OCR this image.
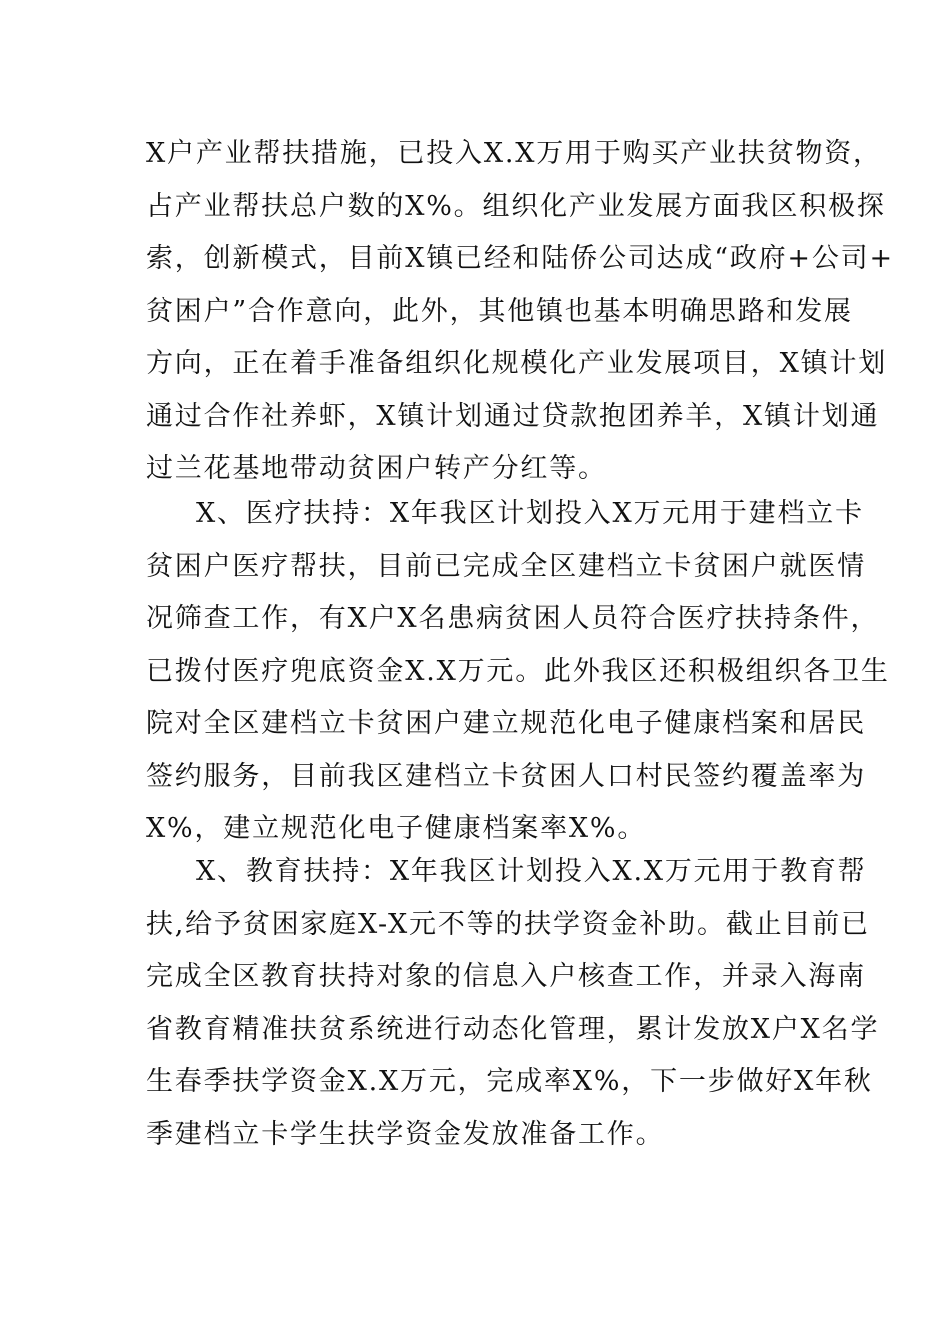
X户产业帮扶措施，已投入X.X万用于购买产业扶贫物资，
占产业帮扶总户数的X%。组织化产业发展方面我区积极探
索，创新模式，目前X镇已经和陆侨公司达成“政府+公司+
贫困户”合作意向，此外，其他镇也基本明确思路和发展
方向，正在着手准备组织化规模化产业发展项目，X镇计划
通过合作社养虾，X镇计划通过贷款抱团养羊，X镇计划通
过兰花基地带动贫困户转产分红等。

X、医疗扶持：X年我区计划投入X万元用于建档立卡
贫困户医疗帮扶，目前已完成全区建档立卡贫困户就医情
况筛查工作，有X户X名患病贫困人员符合医疗扶持条件，
已拨付医疗兜底资金X.X万元。此外我区还积极组织各卫生
院对全区建档立卡贫困户建立规范化电子健康档案和居民
签约服务，目前我区建档立卡贫困人口村民签约覆盖率为
X%，建立规范化电子健康档案率X%。

X、教育扶持：X年我区计划投入X.X万元用于教育帮
扶,给予贫困家庭X-X元不等的扶学资金补助。截止目前已
完成全区教育扶持对象的信息入户核查工作，并录入海南
省教育精准扶贫系统进行动态化管理，累计发放X户X名学
生春季扶学资金X.X万元，完成率X%，下一步做好X年秋
季建档立卡学生扶学资金发放准备工作。
